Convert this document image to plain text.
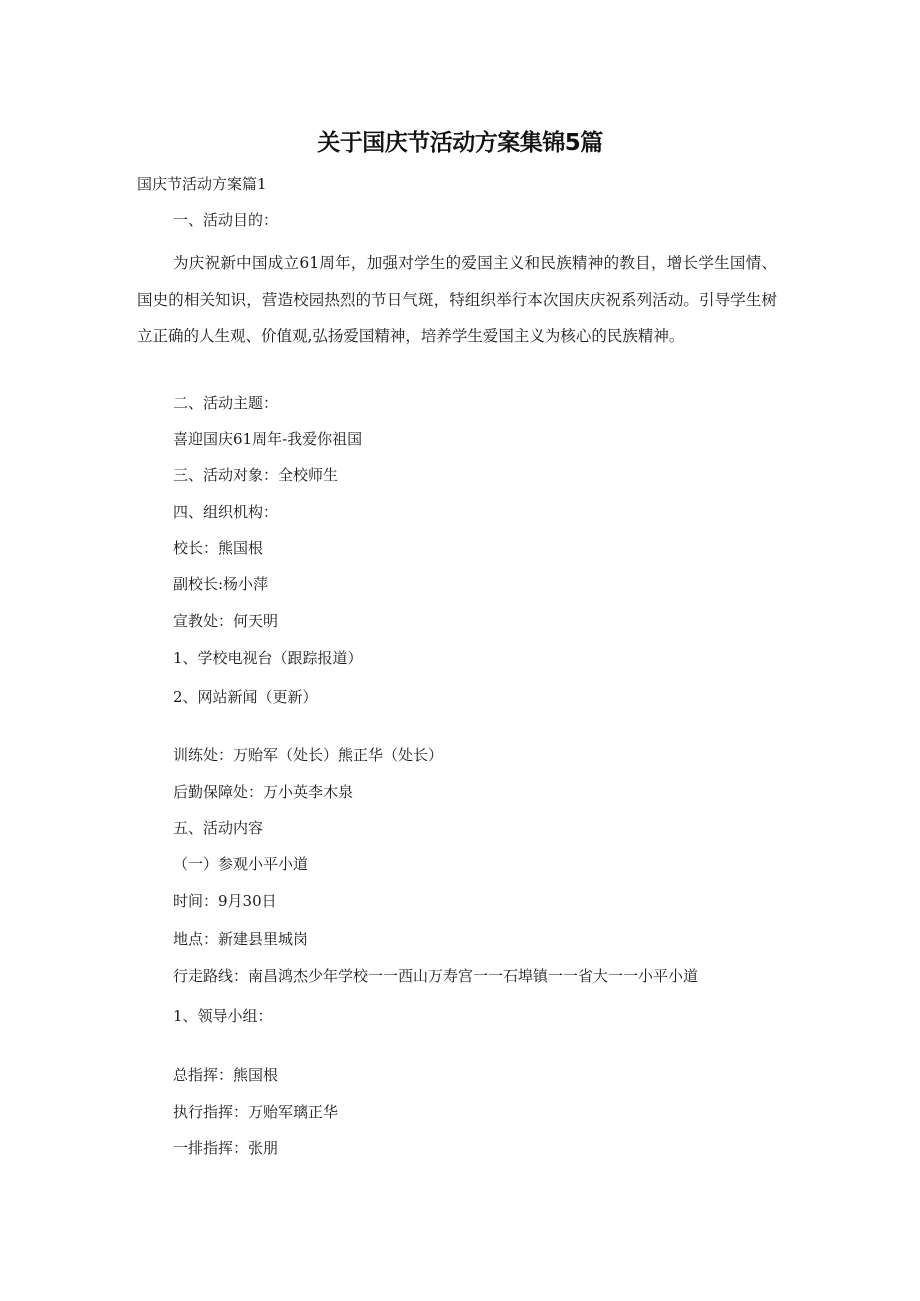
关于国庆节活动方案集锦5篇
国庆节活动方案篇1
一、活动目的：
为庆祝新中国成立61周年，加强对学生的爱国主义和民族精神的教目，增长学生国情、国史的相关知识，营造校园热烈的节日气斑，特组织举行本次国庆庆祝系列活动。引导学生树立正确的人生观、价值观,弘扬爱国精神，培养学生爱国主义为核心的民族精神。
二、活动主题：
喜迎国庆61周年-我爱你祖国
三、活动对象：全校师生
四、组织机构：
校长：熊国根
副校长:杨小萍
宣教处：何天明
1、学校电视台（跟踪报道）
2、网站新闻（更新）
训练处：万贻军（处长）熊正华（处长）
后勤保障处：万小英李木泉
五、活动内容
（一）参观小平小道
时间：9月30日
地点：新建县里城岗
行走路线：南昌鸿杰少年学校一一西山万寿宫一一石埠镇一一省大一一小平小道
1、领导小组：
总指挥：熊国根
执行指挥：万贻军璃正华
一排指挥：张朋
